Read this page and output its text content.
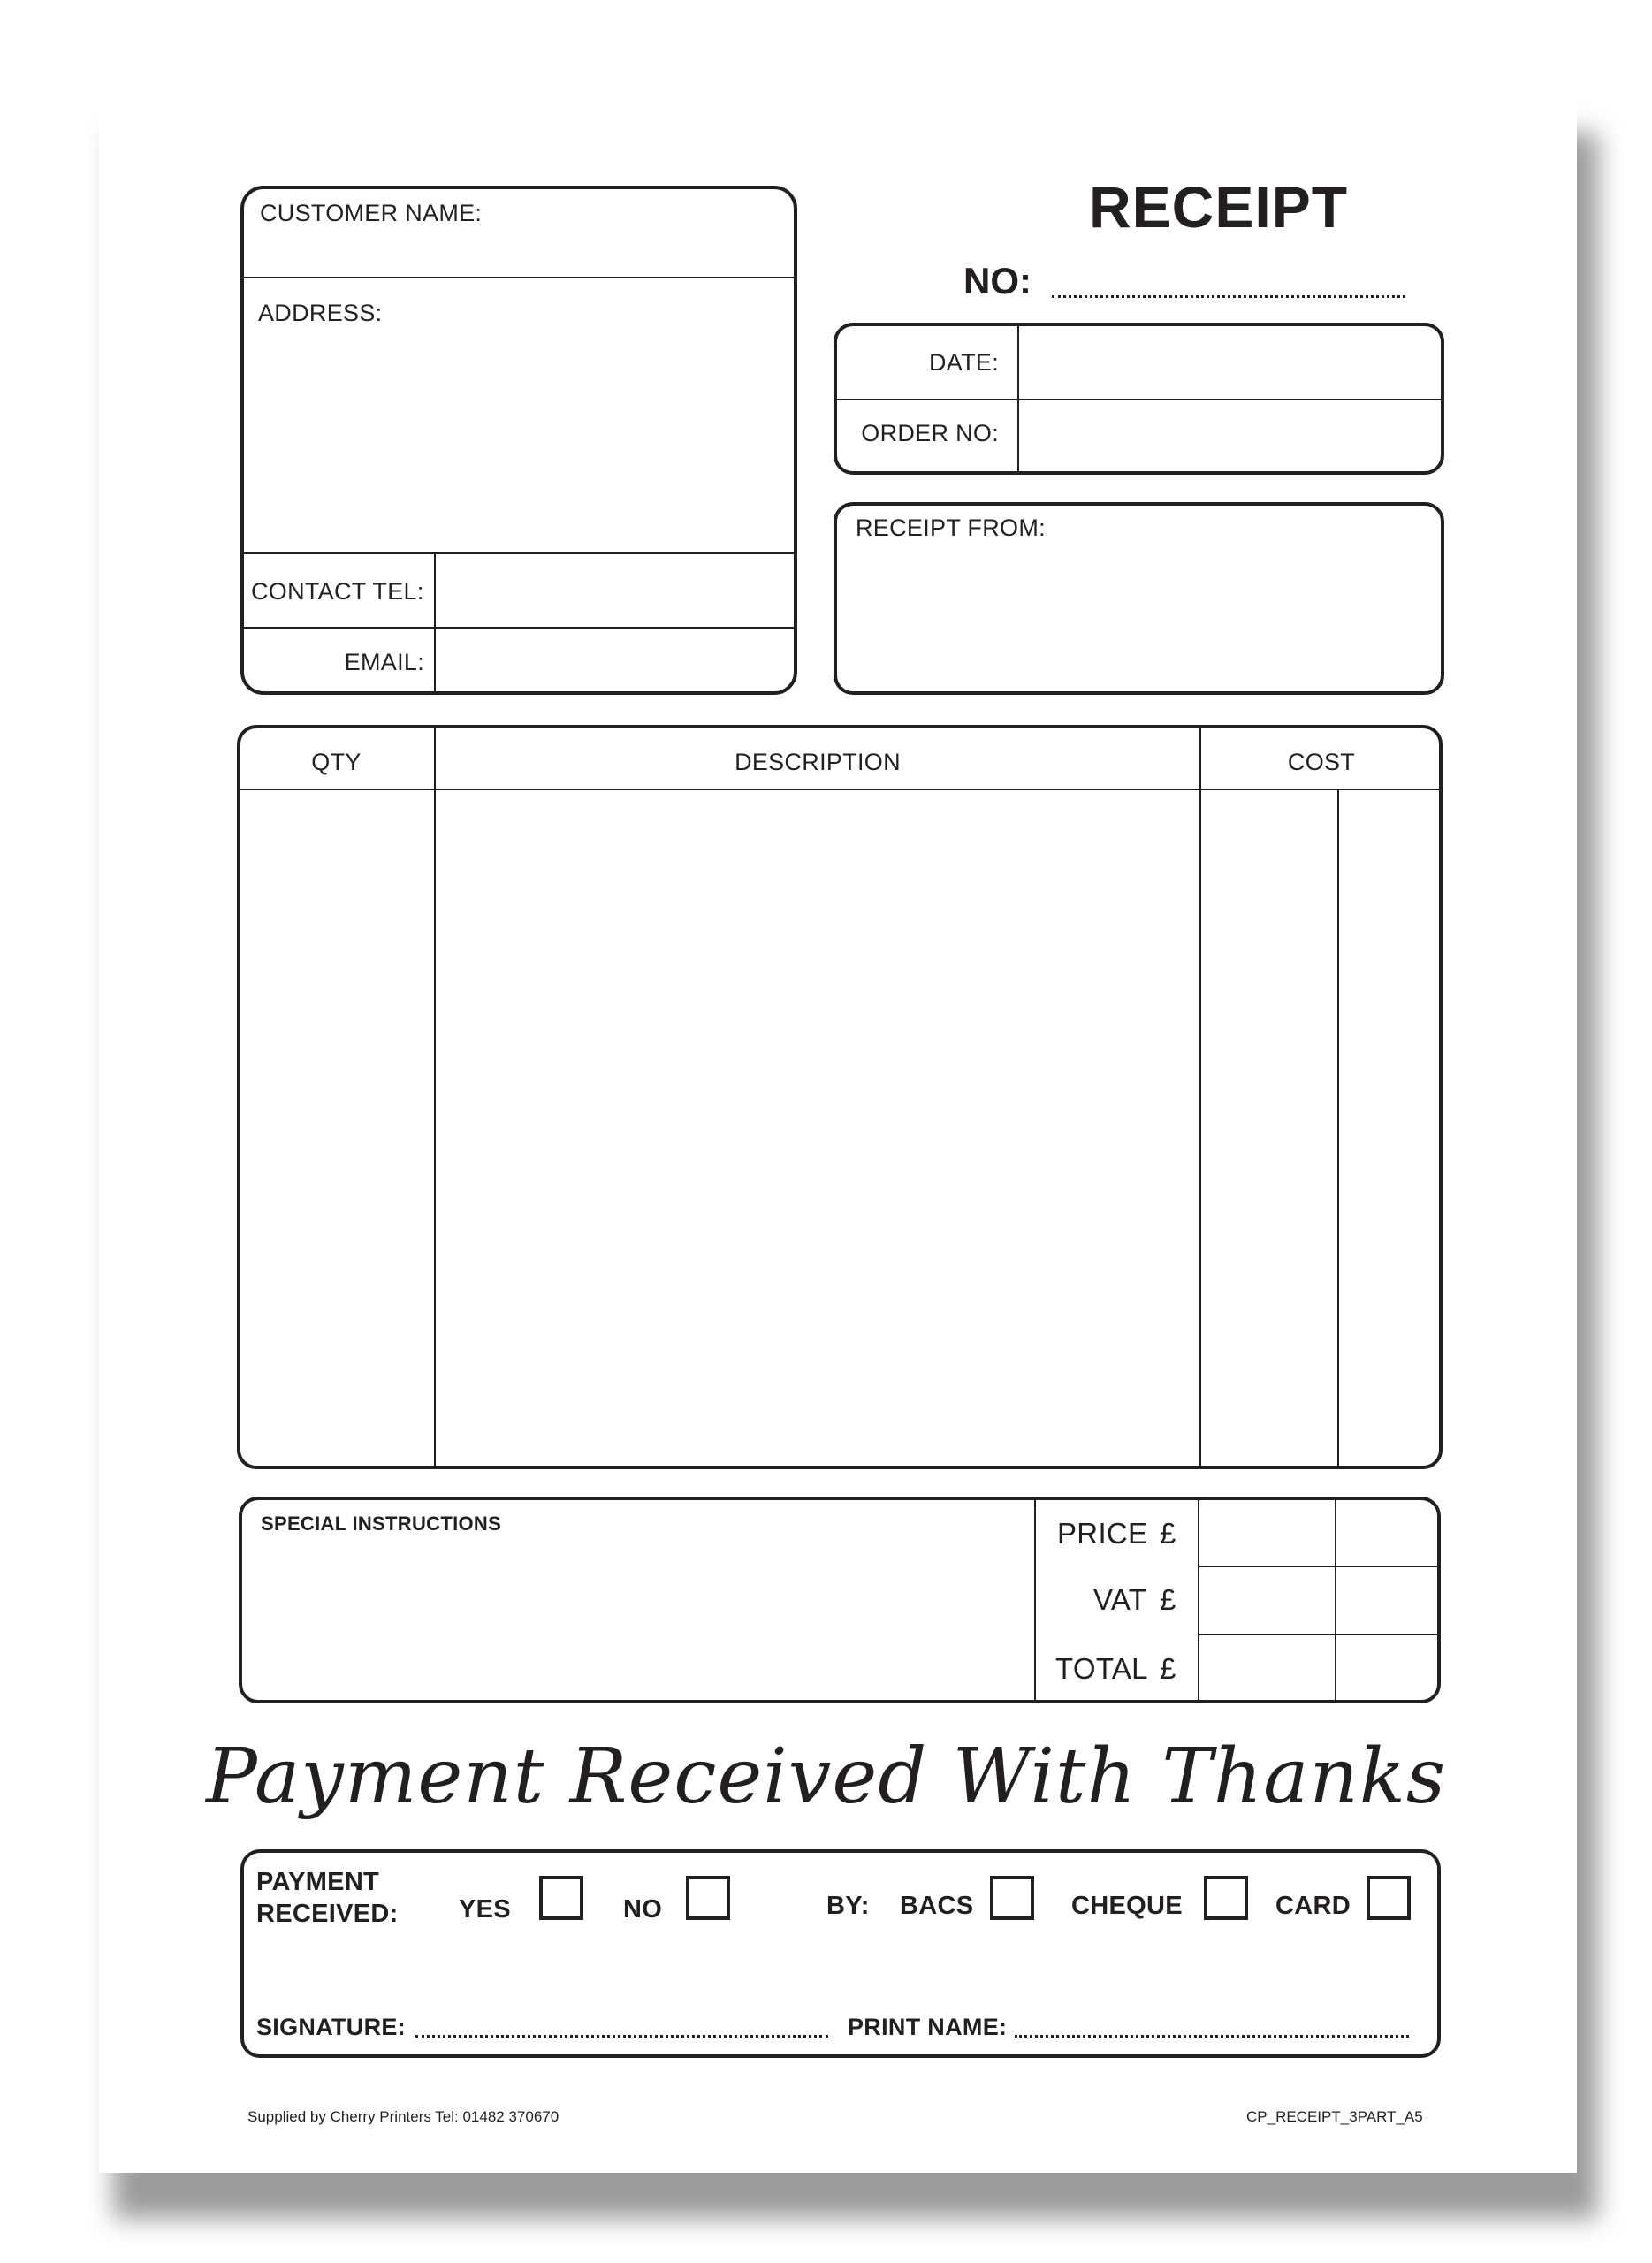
RECEIPT
NO:
CUSTOMER NAME:
ADDRESS:
CONTACT TEL:
EMAIL:
DATE:
ORDER NO:
RECEIPT FROM:
QTY	DESCRIPTION	COST
SPECIAL INSTRUCTIONS	PRICE £
VAT £
TOTAL £
Payment Received With Thanks
PAYMENT
RECEIVED: YES	NO	BY: BACS	CHEQUE	CARD
SIGNATURE:	PRINT NAME:
Supplied by Cherry Printers Tel: 01482 370670	CP_RECEIPT_3PART_A5
